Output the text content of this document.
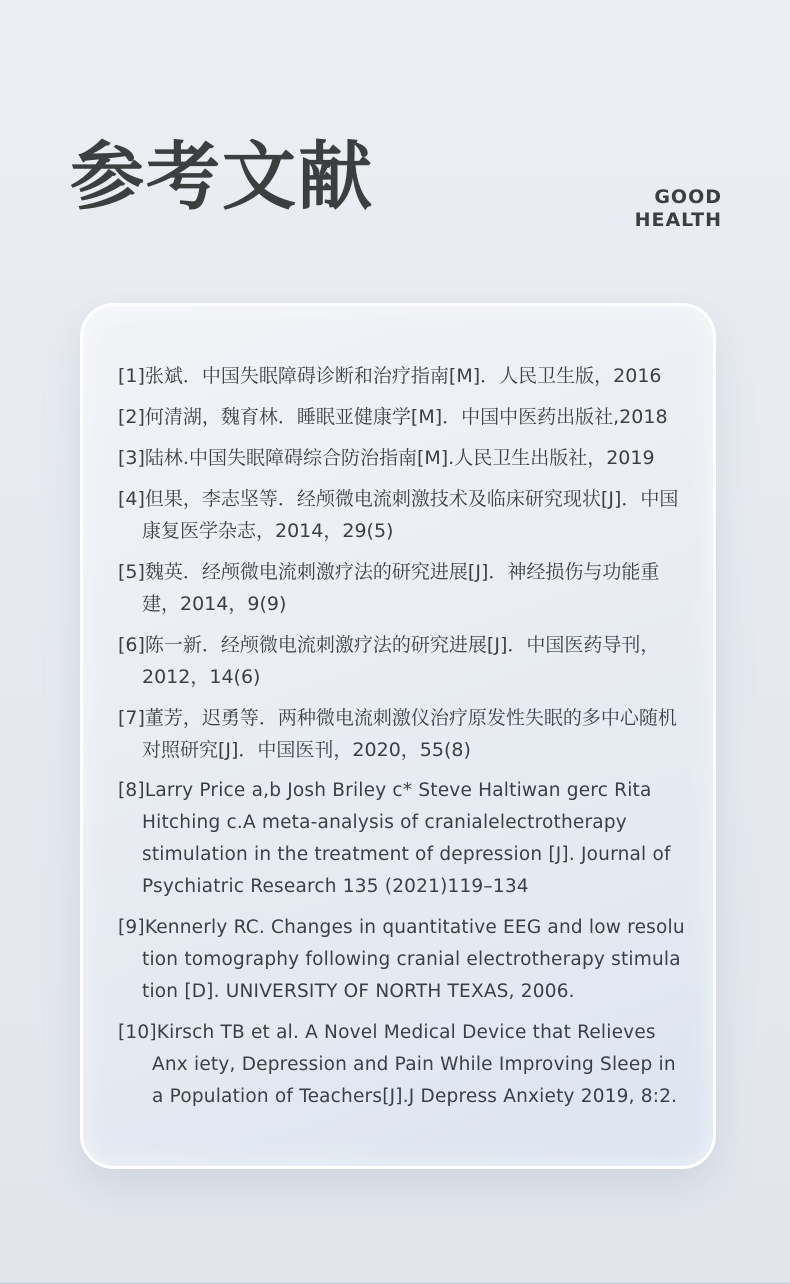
参考文献	GOOD
HEALTH
[1]张斌．中国失眠障碍诊断和治疗指南[M]．人民卫生版，2016
[2]何清湖，魏育林．睡眠亚健康学[M]．中国中医药出版社,2018
[3]陆林.中国失眠障碍综合防治指南[M].人民卫生出版社，2019
[4]但果，李志坚等．经颅微电流刺激技术及临床研究现状[J]．中国康复医学杂志，2014，29(5)
[5]魏英．经颅微电流刺激疗法的研究进展[J]．神经损伤与功能重建，2014，9(9)
[6]陈一新．经颅微电流刺激疗法的研究进展[J]．中国医药导刊，2012，14(6)
[7]董芳，迟勇等．两种微电流刺激仪治疗原发性失眠的多中心随机对照研究[J]．中国医刊，2020，55(8)
[8]Larry Price a,b Josh Briley c* Steve Haltiwan gerc Rita Hitching c.A meta-analysis of cranialelectrotherapy stimulation in the treatment of depression [J]. Journal of Psychiatric Research 135 (2021)119–134
[9]Kennerly RC. Changes in quantitative EEG and low resolu tion tomography following cranial electrotherapy stimula tion [D]. UNIVERSITY OF NORTH TEXAS, 2006.
[10]Kirsch TB et al. A Novel Medical Device that Relieves Anx iety, Depression and Pain While Improving Sleep in a Population of Teachers[J].J Depress Anxiety 2019, 8:2.
